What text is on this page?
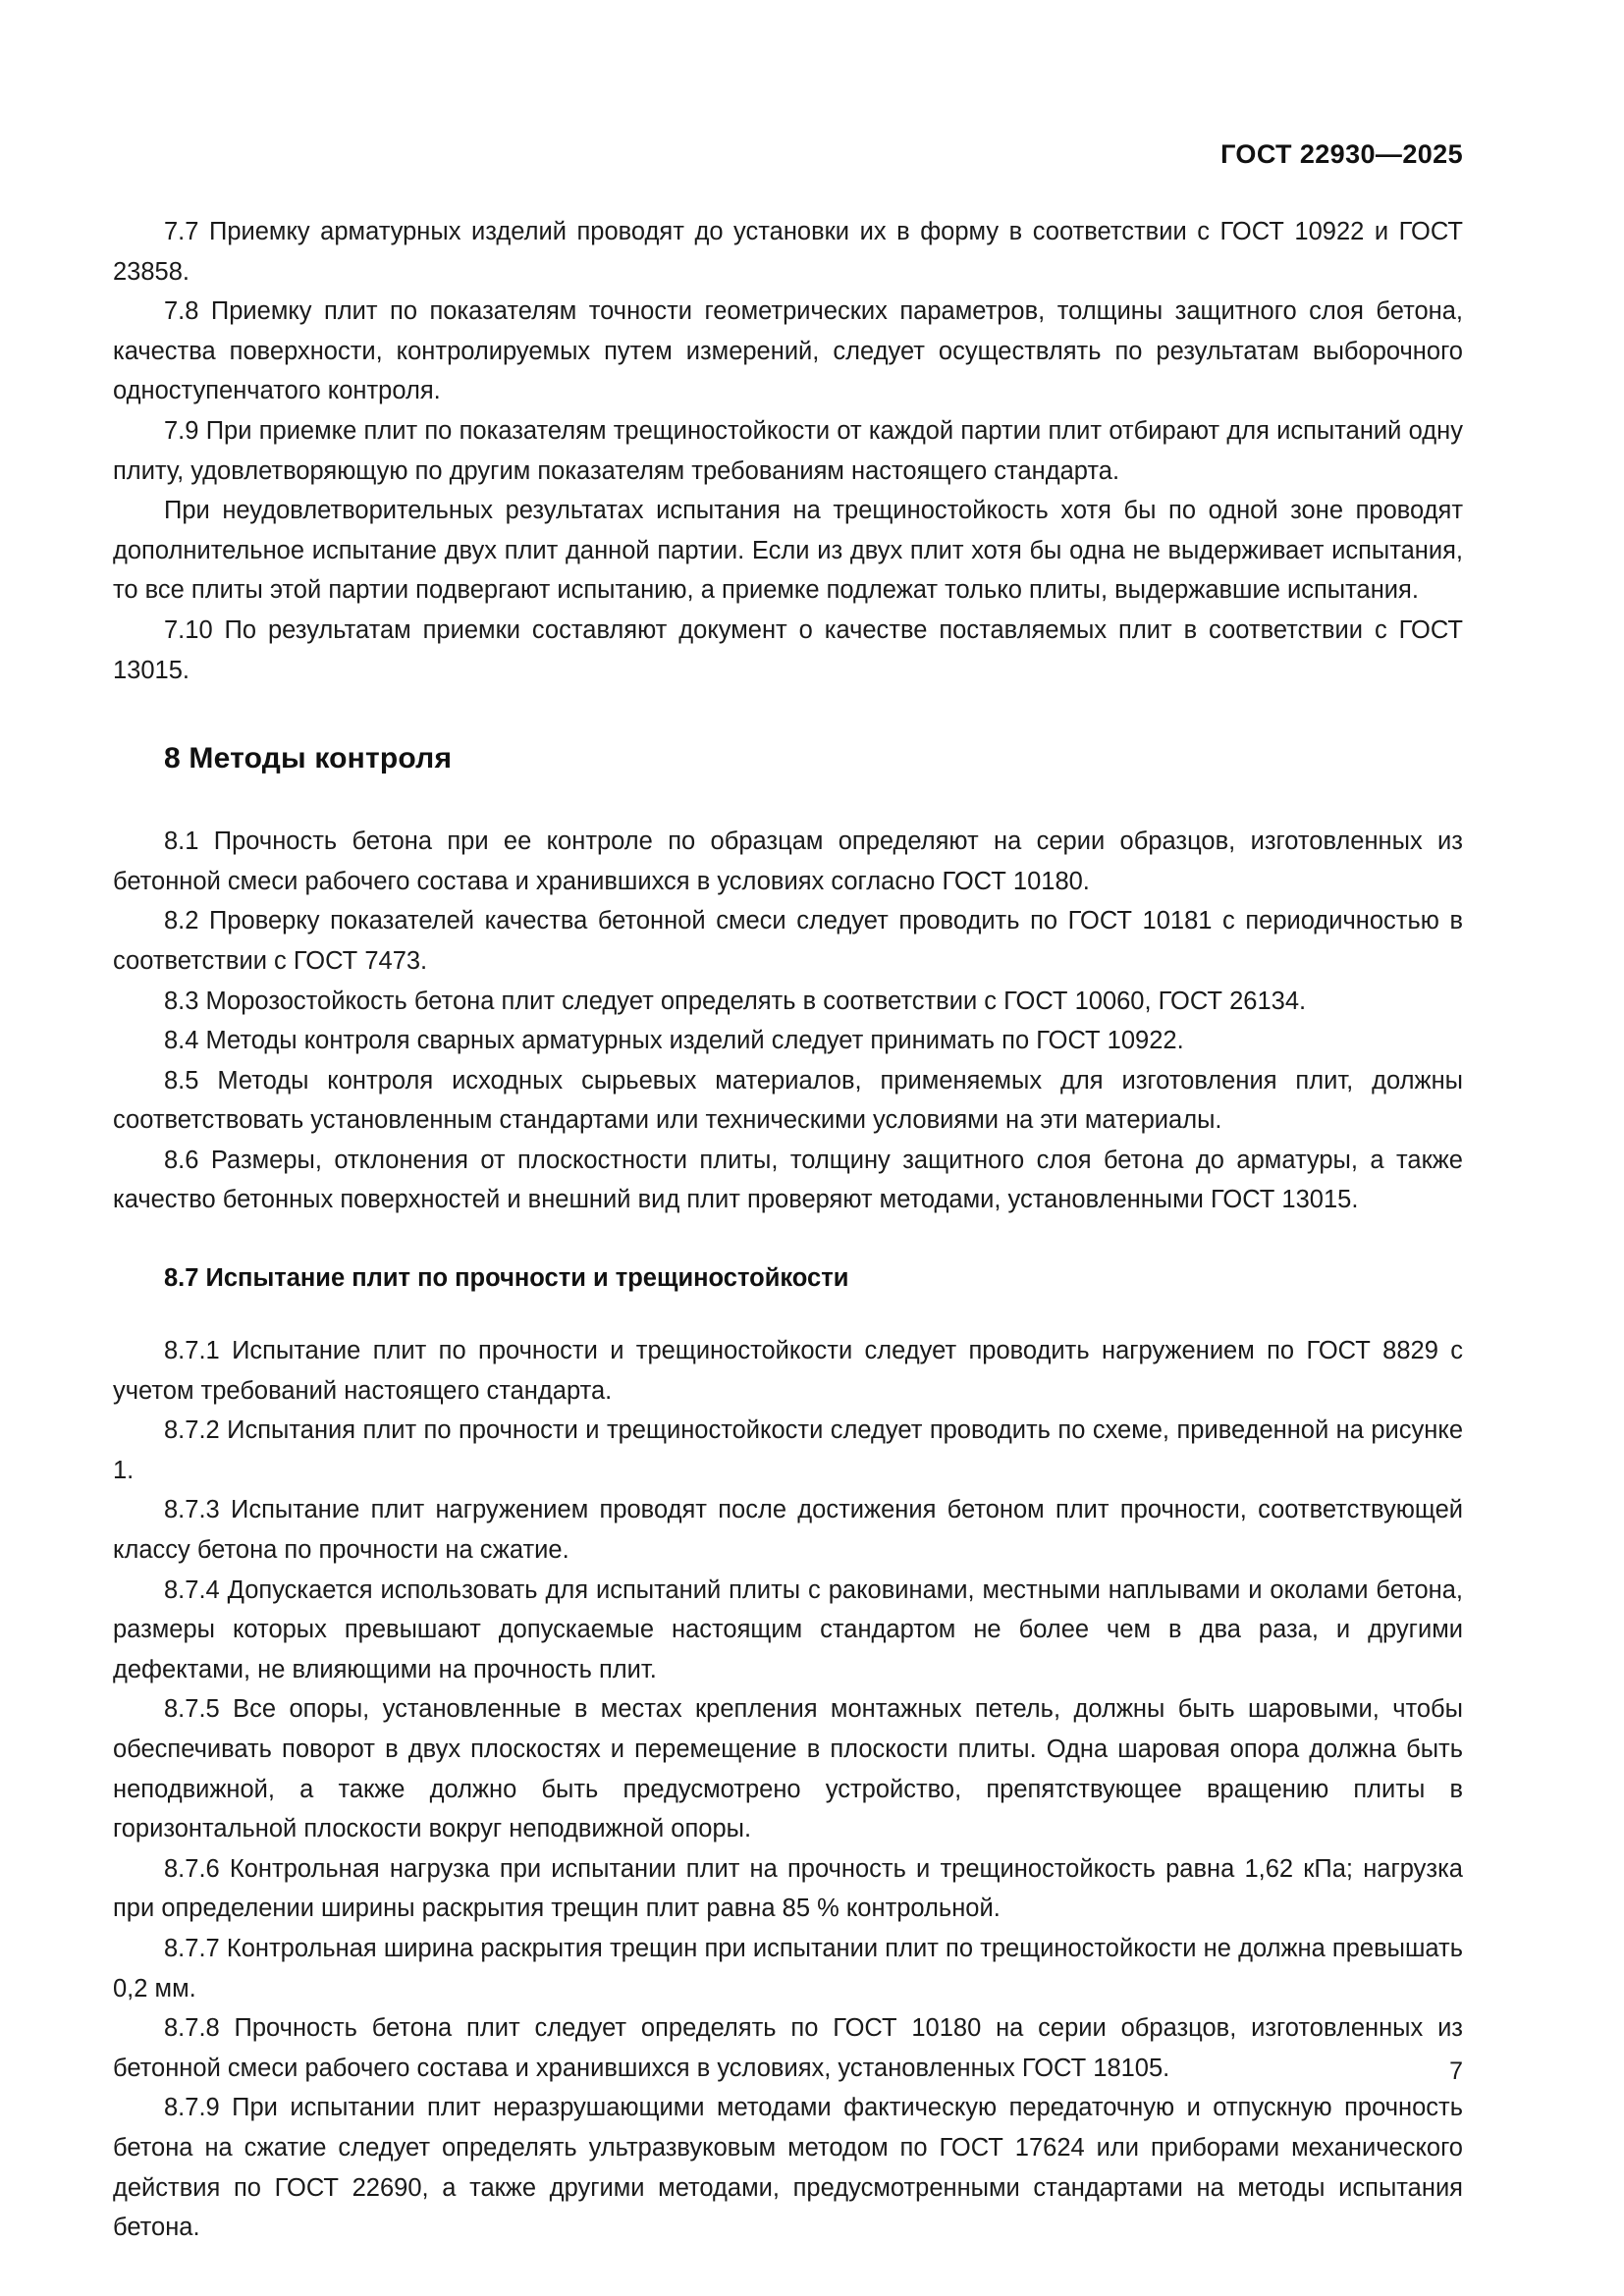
ГОСТ 22930—2025

7.7 Приемку арматурных изделий проводят до установки их в форму в соответствии с ГОСТ 10922 и ГОСТ 23858.

7.8 Приемку плит по показателям точности геометрических параметров, толщины защитного слоя бетона, качества поверхности, контролируемых путем измерений, следует осуществлять по результатам выборочного одноступенчатого контроля.

7.9 При приемке плит по показателям трещиностойкости от каждой партии плит отбирают для испытаний одну плиту, удовлетворяющую по другим показателям требованиям настоящего стандарта.

При неудовлетворительных результатах испытания на трещиностойкость хотя бы по одной зоне проводят дополнительное испытание двух плит данной партии. Если из двух плит хотя бы одна не выдерживает испытания, то все плиты этой партии подвергают испытанию, а приемке подлежат только плиты, выдержавшие испытания.

7.10 По результатам приемки составляют документ о качестве поставляемых плит в соответствии с ГОСТ 13015.

8 Методы контроля

8.1 Прочность бетона при ее контроле по образцам определяют на серии образцов, изготовленных из бетонной смеси рабочего состава и хранившихся в условиях согласно ГОСТ 10180.

8.2 Проверку показателей качества бетонной смеси следует проводить по ГОСТ 10181 с периодичностью в соответствии с ГОСТ 7473.

8.3 Морозостойкость бетона плит следует определять в соответствии с ГОСТ 10060, ГОСТ 26134.

8.4 Методы контроля сварных арматурных изделий следует принимать по ГОСТ 10922.

8.5 Методы контроля исходных сырьевых материалов, применяемых для изготовления плит, должны соответствовать установленным стандартами или техническими условиями на эти материалы.

8.6 Размеры, отклонения от плоскостности плиты, толщину защитного слоя бетона до арматуры, а также качество бетонных поверхностей и внешний вид плит проверяют методами, установленными ГОСТ 13015.

8.7 Испытание плит по прочности и трещиностойкости

8.7.1 Испытание плит по прочности и трещиностойкости следует проводить нагружением по ГОСТ 8829 с учетом требований настоящего стандарта.

8.7.2 Испытания плит по прочности и трещиностойкости следует проводить по схеме, приведенной на рисунке 1.

8.7.3 Испытание плит нагружением проводят после достижения бетоном плит прочности, соответствующей классу бетона по прочности на сжатие.

8.7.4 Допускается использовать для испытаний плиты с раковинами, местными наплывами и околами бетона, размеры которых превышают допускаемые настоящим стандартом не более чем в два раза, и другими дефектами, не влияющими на прочность плит.

8.7.5 Все опоры, установленные в местах крепления монтажных петель, должны быть шаровыми, чтобы обеспечивать поворот в двух плоскостях и перемещение в плоскости плиты. Одна шаровая опора должна быть неподвижной, а также должно быть предусмотрено устройство, препятствующее вращению плиты в горизонтальной плоскости вокруг неподвижной опоры.

8.7.6 Контрольная нагрузка при испытании плит на прочность и трещиностойкость равна 1,62 кПа; нагрузка при определении ширины раскрытия трещин плит равна 85 % контрольной.

8.7.7 Контрольная ширина раскрытия трещин при испытании плит по трещиностойкости не должна превышать 0,2 мм.

8.7.8 Прочность бетона плит следует определять по ГОСТ 10180 на серии образцов, изготовленных из бетонной смеси рабочего состава и хранившихся в условиях, установленных ГОСТ 18105.

8.7.9 При испытании плит неразрушающими методами фактическую передаточную и отпускную прочность бетона на сжатие следует определять ультразвуковым методом по ГОСТ 17624 или приборами механического действия по ГОСТ 22690, а также другими методами, предусмотренными стандартами на методы испытания бетона.

7
